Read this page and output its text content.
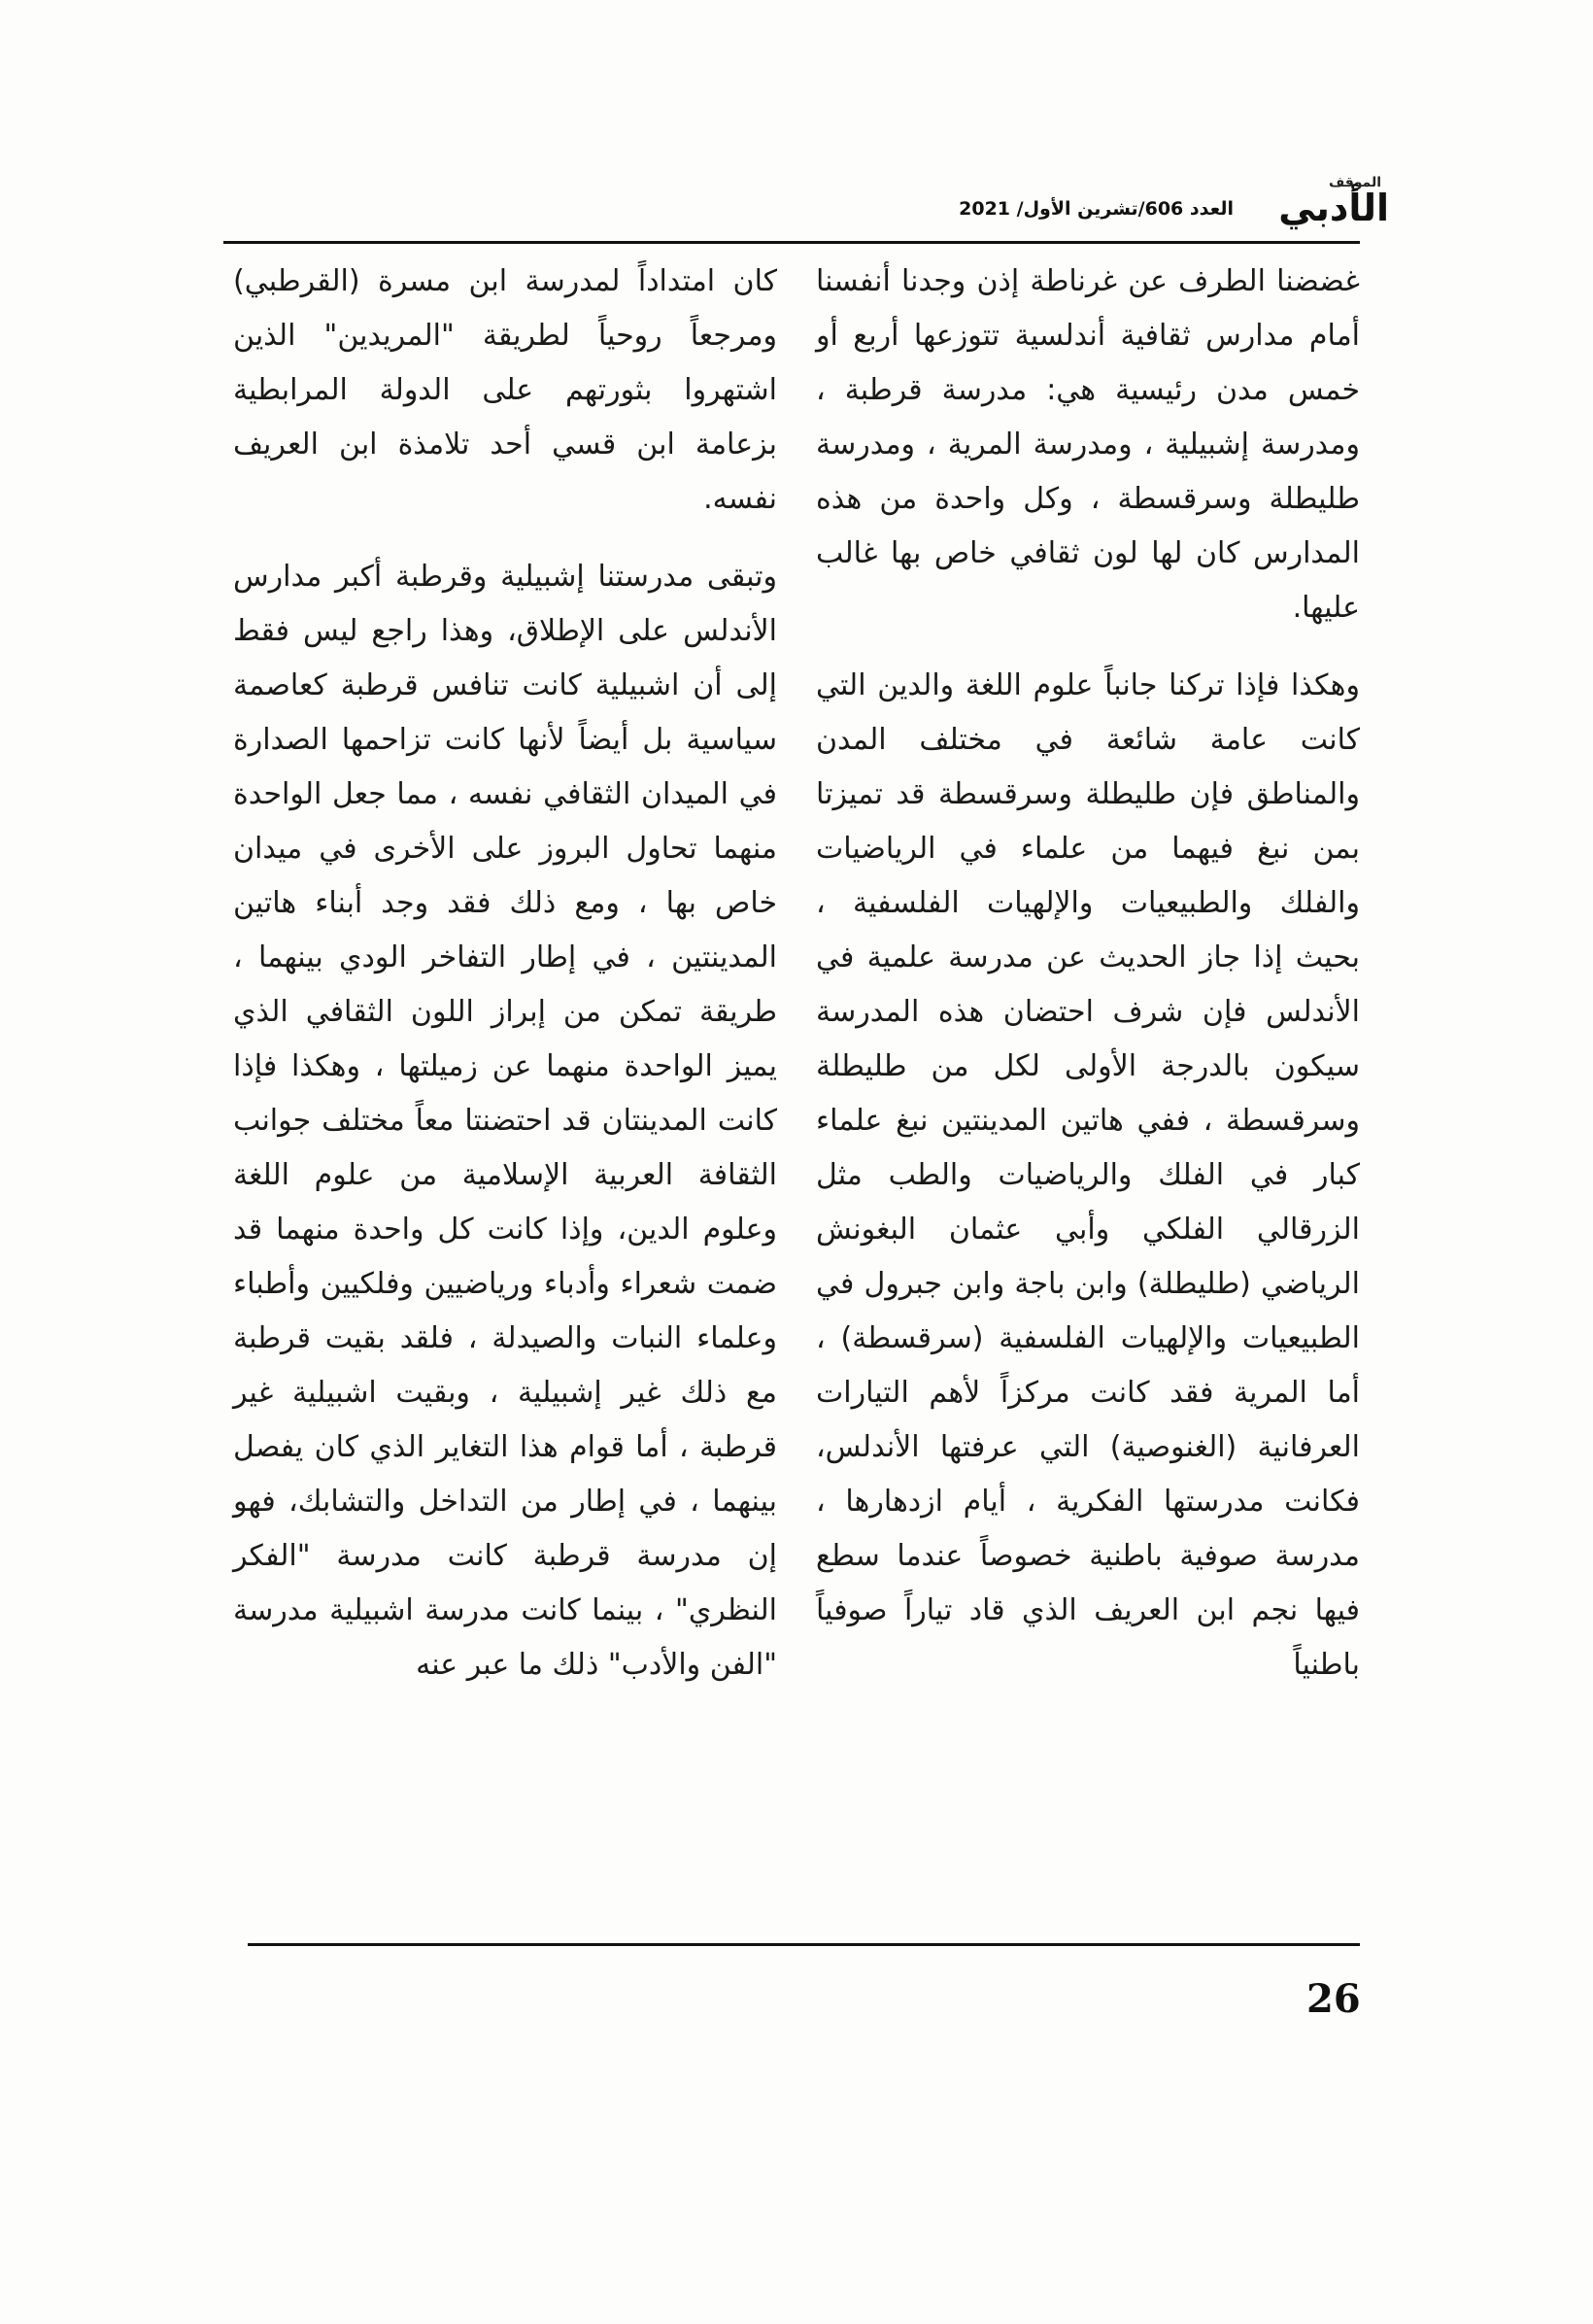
الموقف
الأدبي
العدد 606/تشرين الأول/ 2021

غضضنا الطرف عن غرناطة إذن وجدنا أنفسنا أمام مدارس ثقافية أندلسية تتوزعها أربع أو خمس مدن رئيسية هي: مدرسة قرطبة ، ومدرسة إشبيلية ، ومدرسة المرية ، ومدرسة طليطلة وسرقسطة ، وكل واحدة من هذه المدارس كان لها لون ثقافي خاص بها غالب عليها.

وهكذا فإذا تركنا جانباً علوم اللغة والدين التي كانت عامة شائعة في مختلف المدن والمناطق فإن طليطلة وسرقسطة قد تميزتا بمن نبغ فيهما من علماء في الرياضيات والفلك والطبيعيات والإلهيات الفلسفية ، بحيث إذا جاز الحديث عن مدرسة علمية في الأندلس فإن شرف احتضان هذه المدرسة سيكون بالدرجة الأولى لكل من طليطلة وسرقسطة ، ففي هاتين المدينتين نبغ علماء كبار في الفلك والرياضيات والطب مثل الزرقالي الفلكي وأبي عثمان البغونش الرياضي (طليطلة) وابن باجة وابن جبرول في الطبيعيات والإلهيات الفلسفية (سرقسطة) ، أما المرية فقد كانت مركزاً لأهم التيارات العرفانية (الغنوصية) التي عرفتها الأندلس، فكانت مدرستها الفكرية ، أيام ازدهارها ، مدرسة صوفية باطنية خصوصاً عندما سطع فيها نجم ابن العريف الذي قاد تياراً صوفياً باطنياً

كان امتداداً لمدرسة ابن مسرة (القرطبي) ومرجعاً روحياً لطريقة "المريدين" الذين اشتهروا بثورتهم على الدولة المرابطية بزعامة ابن قسي أحد تلامذة ابن العريف نفسه.

وتبقى مدرستنا إشبيلية وقرطبة أكبر مدارس الأندلس على الإطلاق، وهذا راجع ليس فقط إلى أن اشبيلية كانت تنافس قرطبة كعاصمة سياسية بل أيضاً لأنها كانت تزاحمها الصدارة في الميدان الثقافي نفسه ، مما جعل الواحدة منهما تحاول البروز على الأخرى في ميدان خاص بها ، ومع ذلك فقد وجد أبناء هاتين المدينتين ، في إطار التفاخر الودي بينهما ، طريقة تمكن من إبراز اللون الثقافي الذي يميز الواحدة منهما عن زميلتها ، وهكذا فإذا كانت المدينتان قد احتضنتا معاً مختلف جوانب الثقافة العربية الإسلامية من علوم اللغة وعلوم الدين، وإذا كانت كل واحدة منهما قد ضمت شعراء وأدباء ورياضيين وفلكيين وأطباء وعلماء النبات والصيدلة ، فلقد بقيت قرطبة مع ذلك غير إشبيلية ، وبقيت اشبيلية غير قرطبة ، أما قوام هذا التغاير الذي كان يفصل بينهما ، في إطار من التداخل والتشابك، فهو إن مدرسة قرطبة كانت مدرسة "الفكر النظري" ، بينما كانت مدرسة اشبيلية مدرسة "الفن والأدب" ذلك ما عبر عنه

26
